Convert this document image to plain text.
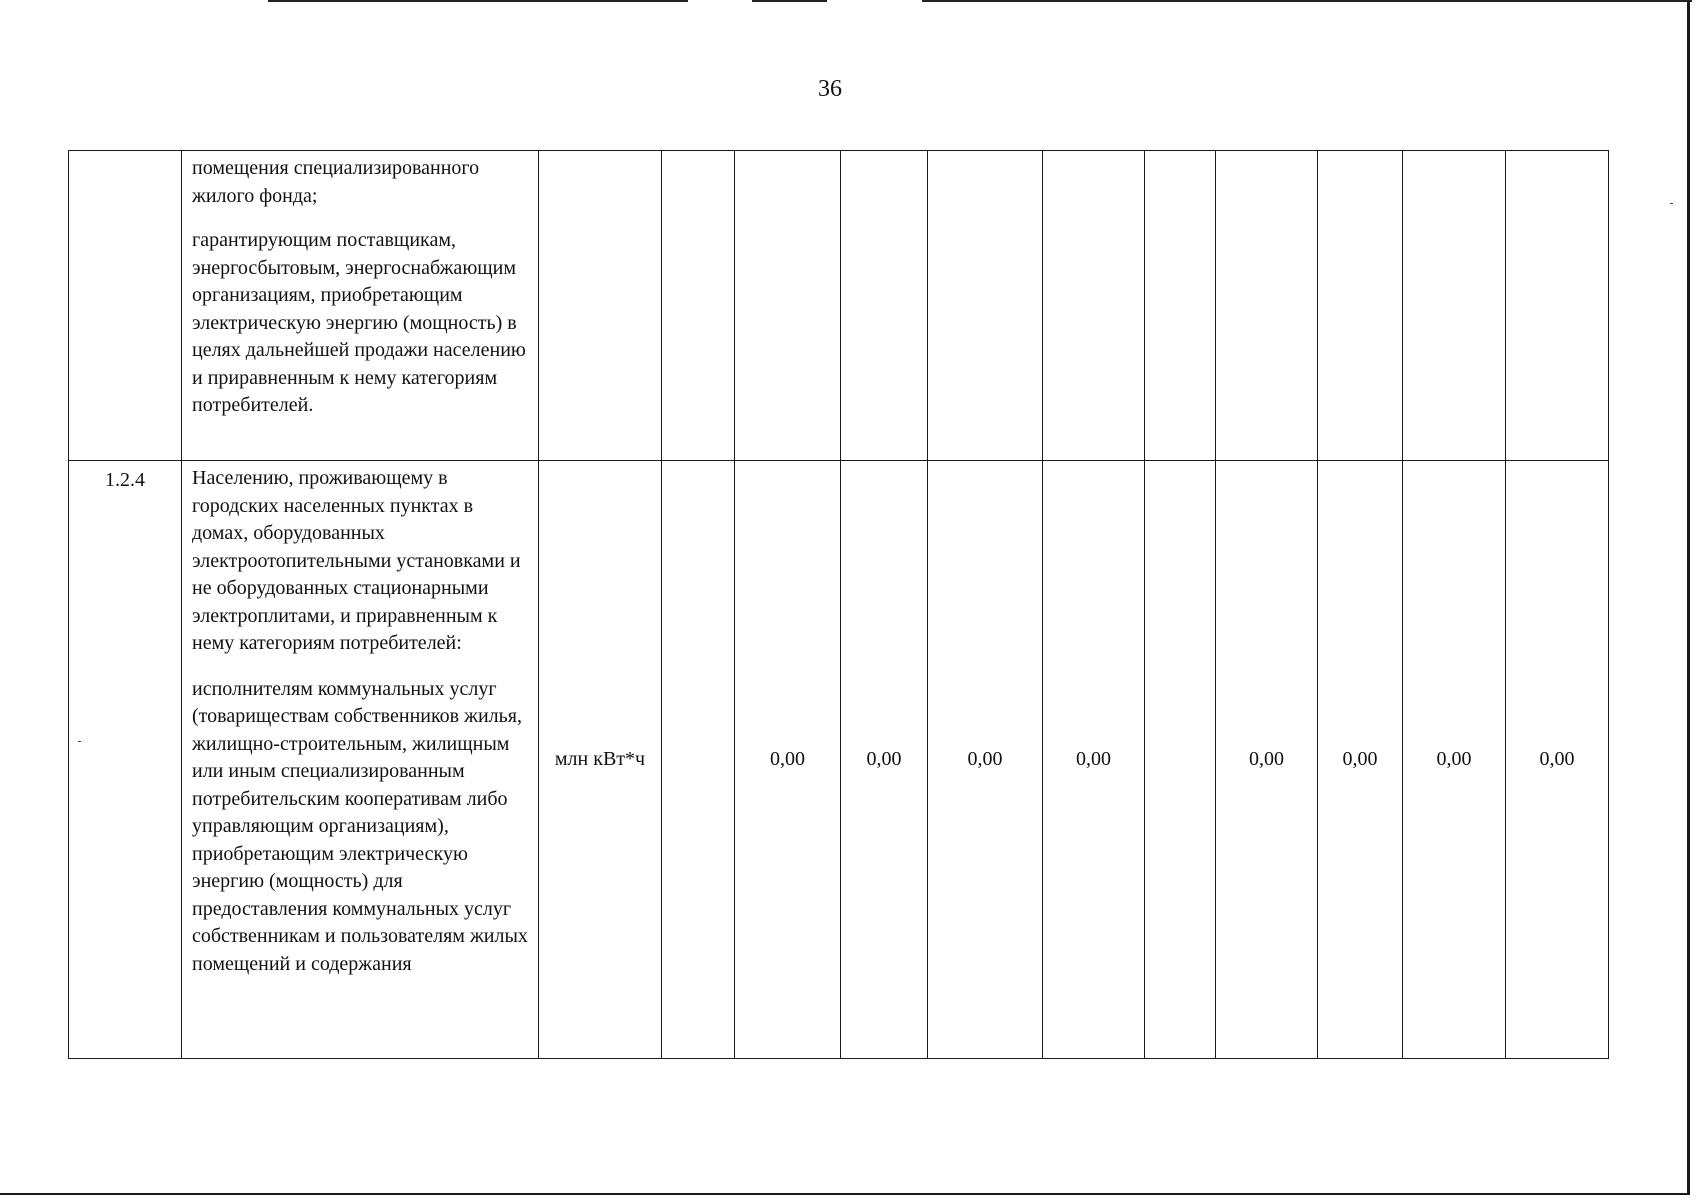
36

	помещения специализированного жилого фонда;

гарантирующим поставщикам, энергосбытовым, энергоснабжающим организациям, приобретающим электрическую энергию (мощность) в целях дальнейшей продажи населению и приравненным к нему категориям потребителей.											

1.2.4	Населению, проживающему в городских населенных пунктах в домах, оборудованных электроотопительными установками и не оборудованных стационарными электроплитами, и приравненным к нему категориям потребителей:

исполнителям коммунальных услуг (товариществам собственников жилья, жилищно-строительным, жилищным или иным специализированным потребительским кооперативам либо управляющим организациям), приобретающим электрическую энергию (мощность) для предоставления коммунальных услуг собственникам и пользователям жилых помещений и содержания	млн кВт*ч		0,00	0,00	0,00	0,00		0,00	0,00	0,00	0,00
